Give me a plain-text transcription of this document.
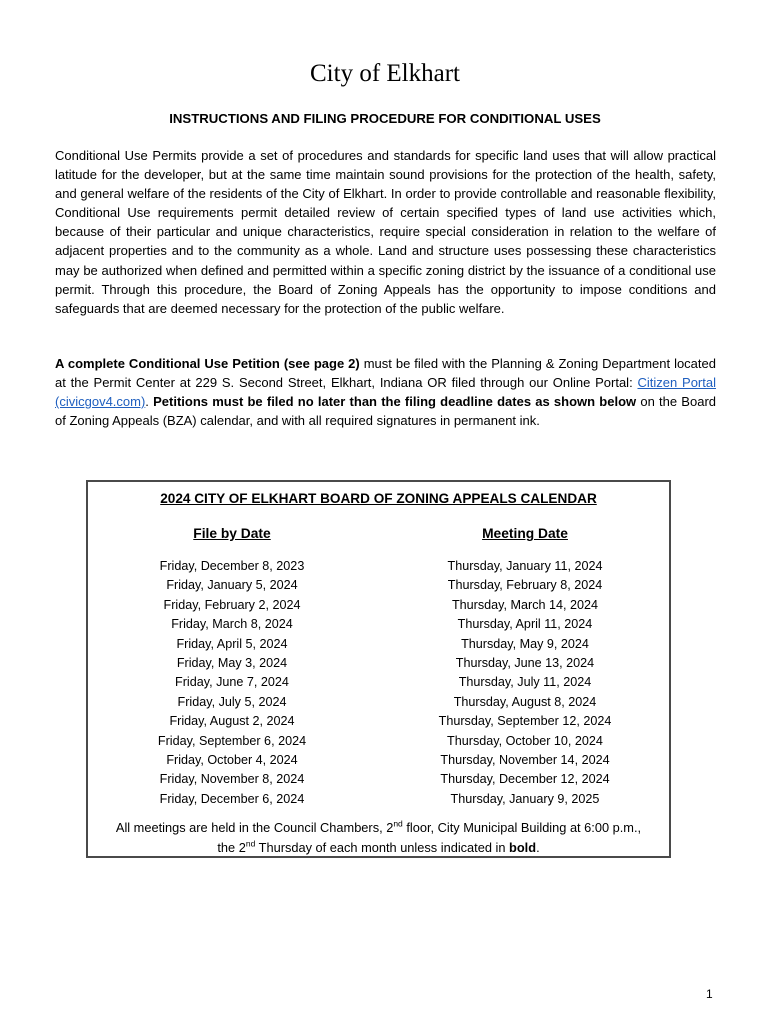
City of Elkhart
INSTRUCTIONS AND FILING PROCEDURE FOR CONDITIONAL USES

Conditional Use Permits provide a set of procedures and standards for specific land uses that will allow practical latitude for the developer, but at the same time maintain sound provisions for the protection of the health, safety, and general welfare of the residents of the City of Elkhart. In order to provide controllable and reasonable flexibility, Conditional Use requirements permit detailed review of certain specified types of land use activities which, because of their particular and unique characteristics, require special consideration in relation to the welfare of adjacent properties and to the community as a whole. Land and structure uses possessing these characteristics may be authorized when defined and permitted within a specific zoning district by the issuance of a conditional use permit. Through this procedure, the Board of Zoning Appeals has the opportunity to impose conditions and safeguards that are deemed necessary for the protection of the public welfare.

A complete Conditional Use Petition (see page 2) must be filed with the Planning & Zoning Department located at the Permit Center at 229 S. Second Street, Elkhart, Indiana OR filed through our Online Portal: Citizen Portal (civicgov4.com). Petitions must be filed no later than the filing deadline dates as shown below on the Board of Zoning Appeals (BZA) calendar, and with all required signatures in permanent ink.

2024 CITY OF ELKHART BOARD OF ZONING APPEALS CALENDAR
File by Date	Meeting Date
Friday, December 8, 2023
Friday, January 5, 2024
Friday, February 2, 2024
Friday, March 8, 2024
Friday, April 5, 2024
Friday, May 3, 2024
Friday, June 7, 2024
Friday, July 5, 2024
Friday, August 2, 2024
Friday, September 6, 2024
Friday, October 4, 2024
Friday, November 8, 2024
Friday, December 6, 2024
Thursday, January 11, 2024
Thursday, February 8, 2024
Thursday, March 14, 2024
Thursday, April 11, 2024
Thursday, May 9, 2024
Thursday, June 13, 2024
Thursday, July 11, 2024
Thursday, August 8, 2024
Thursday, September 12, 2024
Thursday, October 10, 2024
Thursday, November 14, 2024
Thursday, December 12, 2024
Thursday, January 9, 2025
All meetings are held in the Council Chambers, 2nd floor, City Municipal Building at 6:00 p.m.,
the 2nd Thursday of each month unless indicated in bold.
1
